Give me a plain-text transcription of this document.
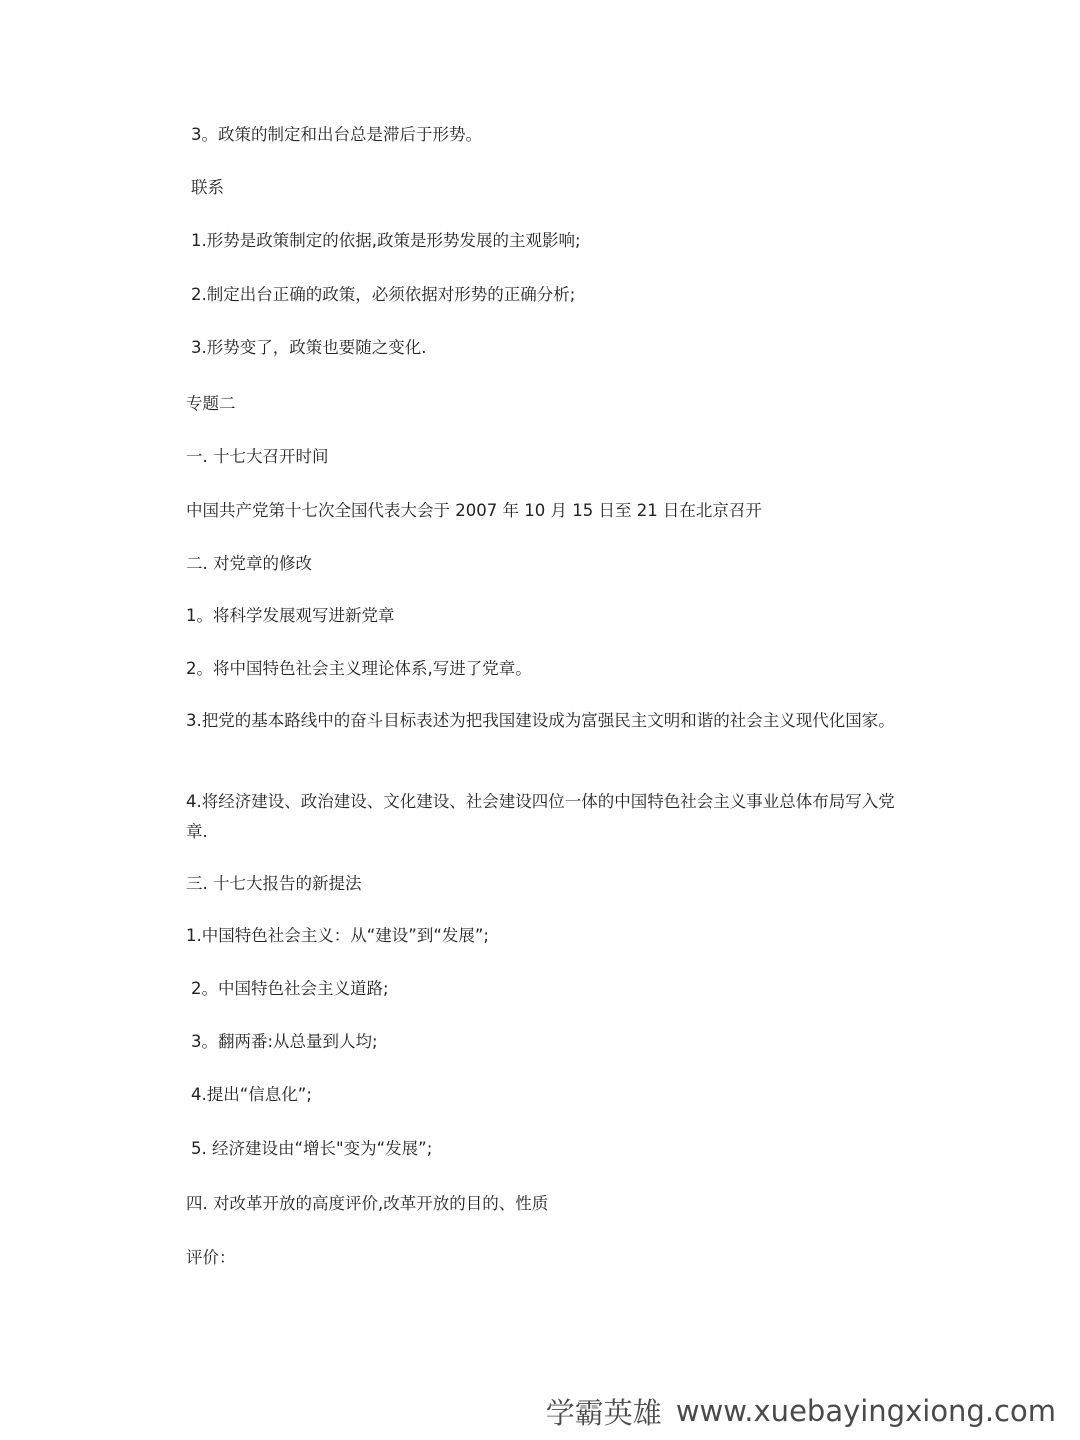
3。政策的制定和出台总是滞后于形势。
联系
1.形势是政策制定的依据,政策是形势发展的主观影响;
2.制定出台正确的政策，必须依据对形势的正确分析;
3.形势变了，政策也要随之变化.
专题二
一. 十七大召开时间
中国共产党第十七次全国代表大会于 2007 年 10 月 15 日至 21 日在北京召开
二. 对党章的修改
1。将科学发展观写进新党章
2。将中国特色社会主义理论体系,写进了党章。
3.把党的基本路线中的奋斗目标表述为把我国建设成为富强民主文明和谐的社会主义现代化国家。
4.将经济建设、政治建设、文化建设、社会建设四位一体的中国特色社会主义事业总体布局写入党章.
三. 十七大报告的新提法
1.中国特色社会主义：从“建设”到“发展”;
2。中国特色社会主义道路;
3。翻两番:从总量到人均;
4.提出“信息化”;
5. 经济建设由“增长"变为“发展”;
四. 对改革开放的高度评价,改革开放的目的、性质
评价：
学霸英雄 www.xuebayingxiong.com
